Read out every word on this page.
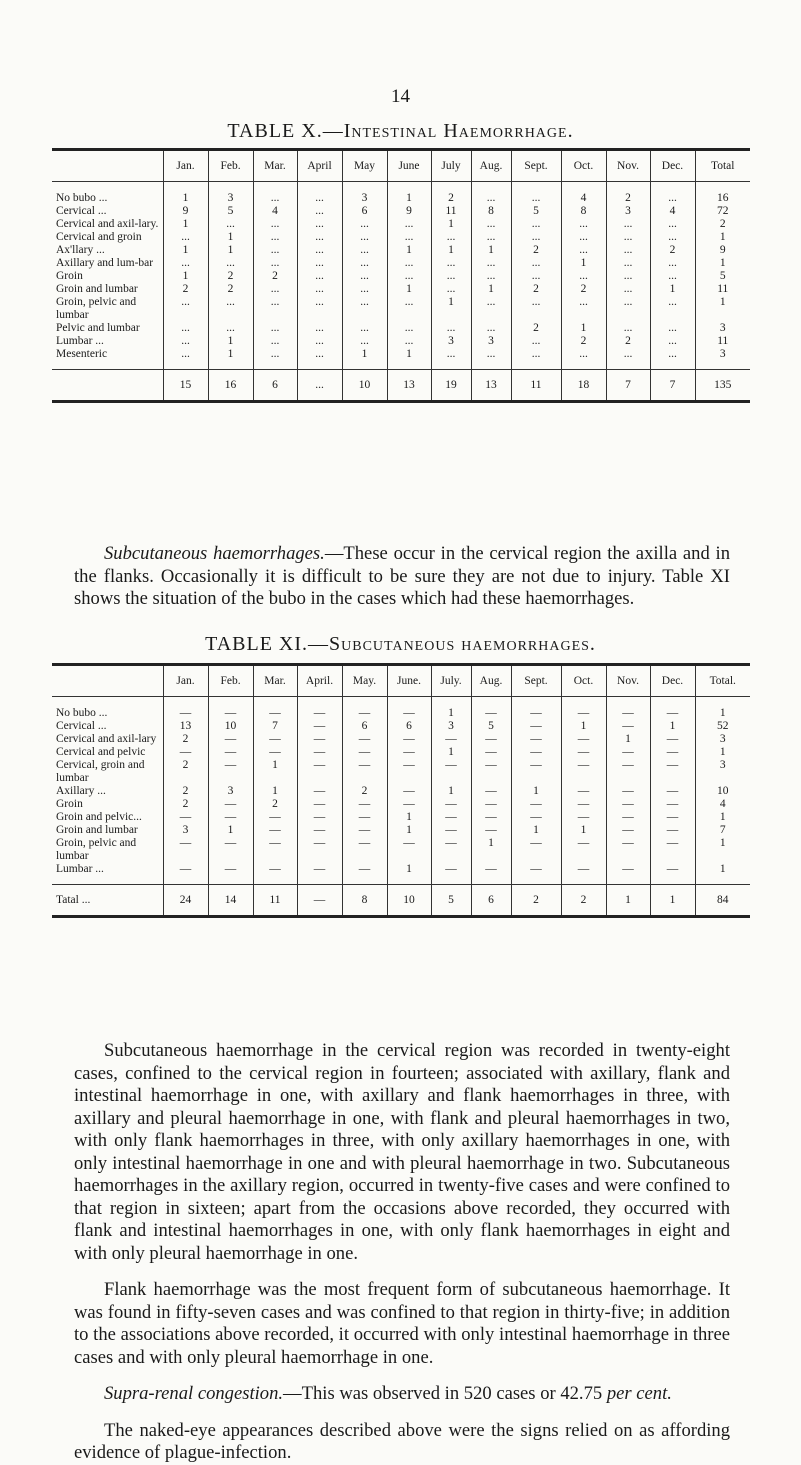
14
TABLE X.—Intestinal Haemorrhage.
	Jan.	Feb.	Mar.	April	May	June	July	Aug.	Sept.	Oct.	Nov.	Dec.	Total

No bubo ...	1	3	...	...	3	1	2	...	...	4	2	...	16
Cervical ...	9	5	4	...	6	9	11	8	5	8	3	4	72
Cervical and axil-lary.	1	...	...	...	...	...	1	...	...	...	...	...	2
Cervical and groin	...	1	...	...	...	...	...	...	...	...	...	...	1
Ax'llary ...	1	1	...	...	...	1	1	1	2	...	...	2	9
Axillary and lum-bar	...	...	...	...	...	...	...	...	...	1	...	...	1
Groin	1	2	2	...	...	...	...	...	...	...	...	...	5
Groin and lumbar	2	2	...	...	...	1	...	1	2	2	...	1	11
Groin, pelvic and lumbar	...	...	...	...	...	...	1	...	...	...	...	...	1
Pelvic and lumbar	...	...	...	...	...	...	...	...	2	1	...	...	3
Lumbar ...	...	1	...	...	...	...	3	3	...	2	2	...	11
Mesenteric	...	1	...	...	1	1	...	...	...	...	...	...	3

	15	16	6	...	10	13	19	13	11	18	7	7	135

Subcutaneous haemorrhages.—These occur in the cervical region the axilla and in the flanks. Occasionally it is difficult to be sure they are not due to injury. Table XI shows the situation of the bubo in the cases which had these haemorrhages.

TABLE XI.—Subcutaneous haemorrhages.
	Jan.	Feb.	Mar.	April.	May.	June.	July.	Aug.	Sept.	Oct.	Nov.	Dec.	Total.

No bubo ...	—	—	—	—	—	—	1	—	—	—	—	—	1
Cervical ...	13	10	7	—	6	6	3	5	—	1	—	1	52
Cervical and axil-lary	2	—	—	—	—	—	—	—	—	—	1	—	3
Cervical and pelvic	—	—	—	—	—	—	1	—	—	—	—	—	1
Cervical, groin and lumbar	2	—	1	—	—	—	—	—	—	—	—	—	3
Axillary ...	2	3	1	—	2	—	1	—	1	—	—	—	10
Groin	2	—	2	—	—	—	—	—	—	—	—	—	4
Groin and pelvic...	—	—	—	—	—	1	—	—	—	—	—	—	1
Groin and lumbar	3	1	—	—	—	1	—	—	1	1	—	—	7
Groin, pelvic and lumbar	—	—	—	—	—	—	—	1	—	—	—	—	1
Lumbar ...	—	—	—	—	—	1	—	—	—	—	—	—	1

Tatal ...	24	14	11	—	8	10	5	6	2	2	1	1	84

Subcutaneous haemorrhage in the cervical region was recorded in twenty-eight cases, confined to the cervical region in fourteen; associated with axillary, flank and intestinal haemorrhage in one, with axillary and flank haemorrhages in three, with axillary and pleural haemorrhage in one, with flank and pleural haemorrhages in two, with only flank haemorrhages in three, with only axillary haemorrhages in one, with only intestinal haemorrhage in one and with pleural haemorrhage in two. Subcutaneous haemorrhages in the axillary region, occurred in twenty-five cases and were confined to that region in sixteen; apart from the occasions above recorded, they occurred with flank and intestinal haemorrhages in one, with only flank haemorrhages in eight and with only pleural haemorrhage in one.

Flank haemorrhage was the most frequent form of subcutaneous haemorrhage. It was found in fifty-seven cases and was confined to that region in thirty-five; in addition to the associations above recorded, it occurred with only intestinal haemorrhage in three cases and with only pleural haemorrhage in one.

Supra-renal congestion.—This was observed in 520 cases or 42.75 per cent.

The naked-eye appearances described above were the signs relied on as affording evidence of plague-infection.
